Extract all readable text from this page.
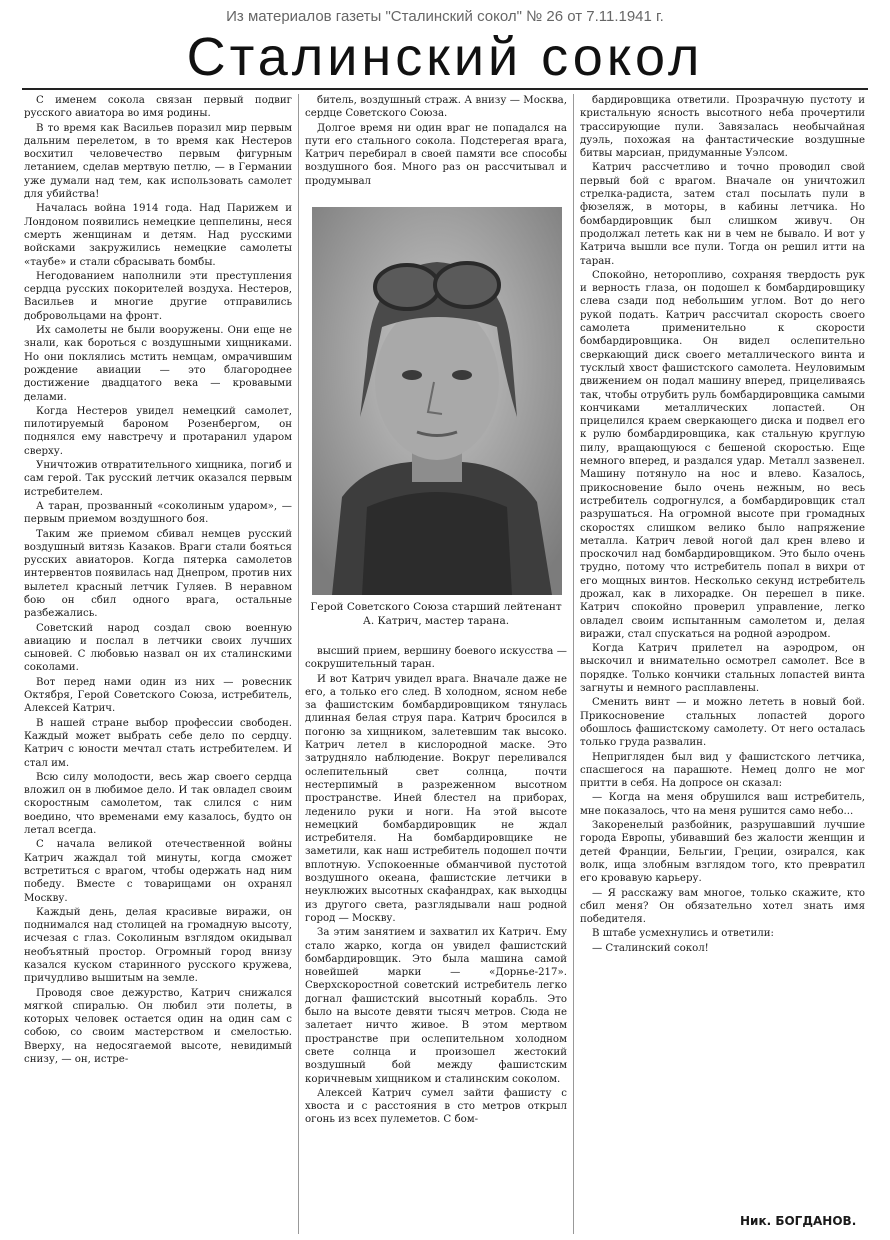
Из материалов газеты "Сталинский сокол" № 26 от 7.11.1941 г.
Сталинский сокол

С именем сокола связан первый подвиг русского авиатора во имя родины.

В то время как Васильев поразил мир первым дальним перелетом, в то время как Нестеров восхитил человечество первым фигурным летанием, сделав мертвую петлю, — в Германии уже думали над тем, как использовать самолет для убийства!

Началась война 1914 года. Над Парижем и Лондоном появились немецкие цеппелины, неся смерть женщинам и детям. Над русскими войсками закружились немецкие самолеты «таубе» и стали сбрасывать бомбы.

Негодованием наполнили эти преступления сердца русских покорителей воздуха. Нестеров, Васильев и многие другие отправились добровольцами на фронт.

Их самолеты не были вооружены. Они еще не знали, как бороться с воздушными хищниками. Но они поклялись мстить немцам, омрачившим рождение авиации — это благороднее достижение двадцатого века — кровавыми делами.

Когда Нестеров увидел немецкий самолет, пилотируемый бароном Розенбергом, он поднялся ему навстречу и протаранил ударом сверху.

Уничтожив отвратительного хищника, погиб и сам герой. Так русский летчик оказался первым истребителем.

А таран, прозванный «соколиным ударом», — первым приемом воздушного боя.

Таким же приемом сбивал немцев русский воздушный витязь Казаков. Враги стали бояться русских авиаторов. Когда пятерка самолетов интервентов появилась над Днепром, против них вылетел красный летчик Гуляев. В неравном бою он сбил одного врага, остальные разбежались.

Советский народ создал свою военную авиацию и послал в летчики своих лучших сыновей. С любовью назвал он их сталинскими соколами.

Вот перед нами один из них — ровесник Октября, Герой Советского Союза, истребитель, Алексей Катрич.

В нашей стране выбор профессии свободен. Каждый может выбрать себе дело по сердцу. Катрич с юности мечтал стать истребителем. И стал им.

Всю силу молодости, весь жар своего сердца вложил он в любимое дело. И так овладел своим скоростным самолетом, так слился с ним воедино, что временами ему казалось, будто он летал всегда.

С начала великой отечественной войны Катрич жаждал той минуты, когда сможет встретиться с врагом, чтобы одержать над ним победу. Вместе с товарищами он охранял Москву.

Каждый день, делая красивые виражи, он поднимался над столицей на громадную высоту, исчезая с глаз. Соколиным взглядом окидывал необъятный простор. Огромный город внизу казался куском старинного русского кружева, причудливо вышитым на земле.

Проводя свое дежурство, Катрич снижался мягкой спиралью. Он любил эти полеты, в которых человек остается один на один сам с собою, со своим мастерством и смелостью. Вверху, на недосягаемой высоте, невидимый снизу, — он, истре-

битель, воздушный страж. А внизу — Москва, сердце Советского Союза.

Долгое время ни один враг не попадался на пути его стального сокола. Подстерегая врага, Катрич перебирал в своей памяти все способы воздушного боя. Много раз он рассчитывал и продумывал

Герой Советского Союза старший лейтенант А. Катрич, мастер тарана.

высший прием, вершину боевого искусства — сокрушительный таран.

И вот Катрич увидел врага. Вначале даже не его, а только его след. В холодном, ясном небе за фашистским бомбардировщиком тянулась длинная белая струя пара. Катрич бросился в погоню за хищником, залетевшим так высоко. Катрич летел в кислородной маске. Это затрудняло наблюдение. Вокруг переливался ослепительный свет солнца, почти нестерпимый в разреженном высотном пространстве. Иней блестел на приборах, леденило руки и ноги. На этой высоте немецкий бомбардировщик не ждал истребителя. На бомбардировщике не заметили, как наш истребитель подошел почти вплотную. Успокоенные обманчивой пустотой воздушного океана, фашистские летчики в неуклюжих высотных скафандрах, как выходцы из другого света, разглядывали наш родной город — Москву.

За этим занятием и захватил их Катрич. Ему стало жарко, когда он увидел фашистский бомбардировщик. Это была машина самой новейшей марки — «Дорнье-217». Сверхскоростной советский истребитель легко догнал фашистский высотный корабль. Это было на высоте девяти тысяч метров. Сюда не залетает ничто живое. В этом мертвом пространстве при ослепительном холодном свете солнца и произошел жестокий воздушный бой между фашистским коричневым хищником и сталинским соколом.

Алексей Катрич сумел зайти фашисту с хвоста и с расстояния в сто метров открыл огонь из всех пулеметов. С бом-

бардировщика ответили. Прозрачную пустоту и кристальную ясность высотного неба прочертили трассирующие пули. Завязалась необычайная дуэль, похожая на фантастические воздушные битвы марсиан, придуманные Уэлсом.

Катрич рассчетливо и точно проводил свой первый бой с врагом. Вначале он уничтожил стрелка-радиста, затем стал посылать пули в фюзеляж, в моторы, в кабины летчика. Но бомбардировщик был слишком живуч. Он продолжал лететь как ни в чем не бывало. И вот у Катрича вышли все пули. Тогда он решил итти на таран.

Спокойно, неторопливо, сохраняя твердость рук и верность глаза, он подошел к бомбардировщику слева сзади под небольшим углом. Вот до него рукой подать. Катрич рассчитал скорость своего самолета применительно к скорости бомбардировщика. Он видел ослепительно сверкающий диск своего металлического винта и тусклый хвост фашистского самолета. Неуловимым движением он подал машину вперед, прицеливаясь так, чтобы отрубить руль бомбардировщика самыми кончиками металлических лопастей. Он прицелился краем сверкающего диска и подвел его к рулю бомбардировщика, как стальную круглую пилу, вращающуюся с бешеной скоростью. Еще немного вперед, и раздался удар. Металл зазвенел. Машину потянуло на нос и влево. Казалось, прикосновение было очень нежным, но весь истребитель содрогнулся, а бомбардировщик стал разрушаться. На огромной высоте при громадных скоростях слишком велико было напряжение металла. Катрич левой ногой дал крен влево и проскочил над бомбардировщиком. Это было очень трудно, потому что истребитель попал в вихри от его мощных винтов. Несколько секунд истребитель дрожал, как в лихорадке. Он перешел в пике. Катрич спокойно проверил управление, легко овладел своим испытанным самолетом и, делая виражи, стал спускаться на родной аэродром.

Когда Катрич прилетел на аэродром, он выскочил и внимательно осмотрел самолет. Все в порядке. Только кончики стальных лопастей винта загнуты и немного расплавлены.

Сменить винт — и можно лететь в новый бой. Прикосновение стальных лопастей дорого обошлось фашистскому самолету. От него осталась только груда развалин.

Непригляден был вид у фашистского летчика, спасшегося на парашюте. Немец долго не мог притти в себя. На допросе он сказал:

— Когда на меня обрушился ваш истребитель, мне показалось, что на меня рушится само небо...

Закоренелый разбойник, разрушавший лучшие города Европы, убивавший без жалости женщин и детей Франции, Бельгии, Греции, озирался, как волк, ища злобным взглядом того, кто превратил его кровавую карьеру.

— Я расскажу вам многое, только скажите, кто сбил меня? Он обязательно хотел знать имя победителя.

В штабе усмехнулись и ответили:

— Сталинский сокол!

Ник. БОГДАНОВ.
